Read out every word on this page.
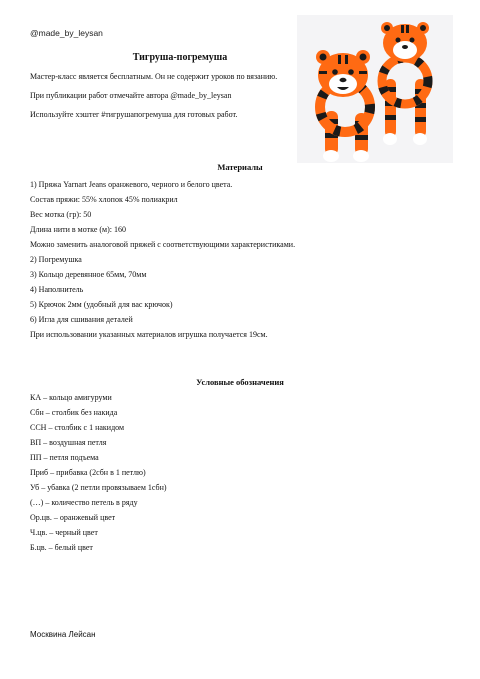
@made_by_leysan
Тигруша-погремуша

Мастер-класс является бесплатным. Он не содержит уроков по вязанию.

При публикации работ отмечайте автора @made_by_leysan

Используйте хэштег #тигрушапогремуша для готовых работ.

Материалы
1) Пряжа Yarnart Jeans оранжевого, черного и белого цвета.
Состав пряжи: 55% хлопок 45% полиакрил
Вес мотка (гр): 50
Длина нити в мотке (м): 160
Можно заменить аналоговой пряжей с соответствующими характеристиками.
2) Погремушка
3) Кольцо деревянное 65мм, 70мм
4) Наполнитель
5) Крючок 2мм (удобный для вас крючок)
6) Игла для сшивания деталей
При использовании указанных материалов игрушка получается 19см.
Условные обозначения
КА – кольцо амигуруми
Сбн – столбик без накида
ССН – столбик с 1 накидом
ВП – воздушная петля
ПП – петля подъема
Приб – прибавка (2сбн в 1 петлю)
Уб – убавка (2 петли провязываем 1сбн)
(…) – количество петель в ряду
Ор.цв. – оранжевый цвет
Ч.цв. – черный цвет
Б.цв. – белый цвет
Москвина Лейсан
